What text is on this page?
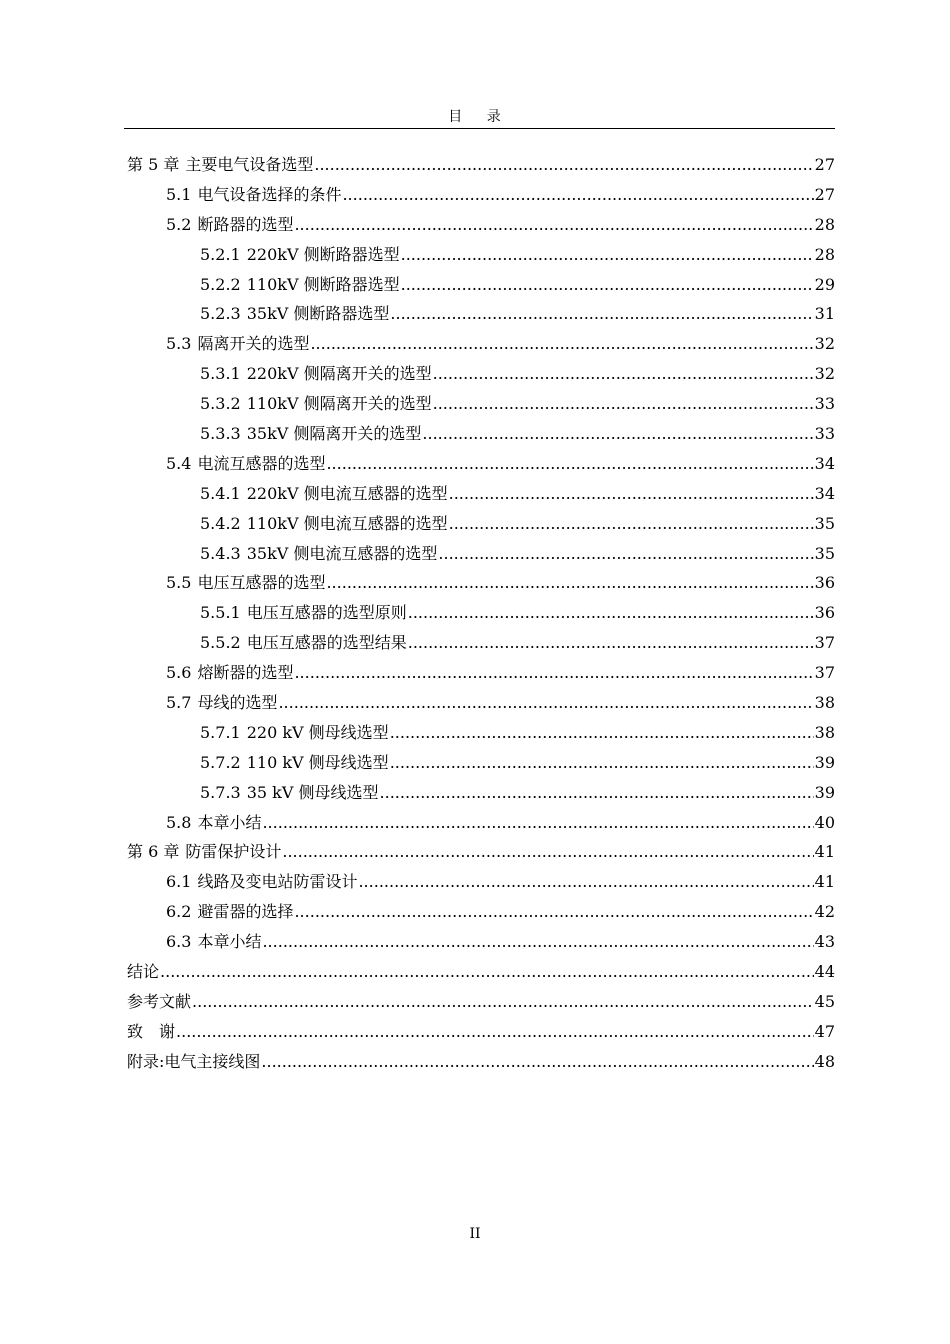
目 录
第 5 章 主要电气设备选型 .....	27
5.1 电气设备选择的条件 .....	27
5.2 断路器的选型 .....	28
5.2.1 220kV 侧断路器选型 .....	28
5.2.2 110kV 侧断路器选型 .....	29
5.2.3 35kV 侧断路器选型 .....	31
5.3 隔离开关的选型 .....	32
5.3.1 220kV 侧隔离开关的选型 .....	32
5.3.2 110kV 侧隔离开关的选型 .....	33
5.3.3 35kV 侧隔离开关的选型 .....	33
5.4 电流互感器的选型 .....	34
5.4.1 220kV 侧电流互感器的选型 .....	34
5.4.2 110kV 侧电流互感器的选型 .....	35
5.4.3 35kV 侧电流互感器的选型 .....	35
5.5 电压互感器的选型 .....	36
5.5.1 电压互感器的选型原则 .....	36
5.5.2 电压互感器的选型结果 .....	37
5.6 熔断器的选型 .....	37
5.7 母线的选型 .....	38
5.7.1 220 kV 侧母线选型 .....	38
5.7.2 110 kV 侧母线选型 .....	39
5.7.3 35 kV 侧母线选型 .....	39
5.8 本章小结 .....	40
第 6 章 防雷保护设计 .....	41
6.1 线路及变电站防雷设计 .....	41
6.2 避雷器的选择 .....	42
6.3 本章小结 .....	43
结论 .....	44
参考文献 .....	45
致　谢 .....	47
附录:电气主接线图 .....	48
II
